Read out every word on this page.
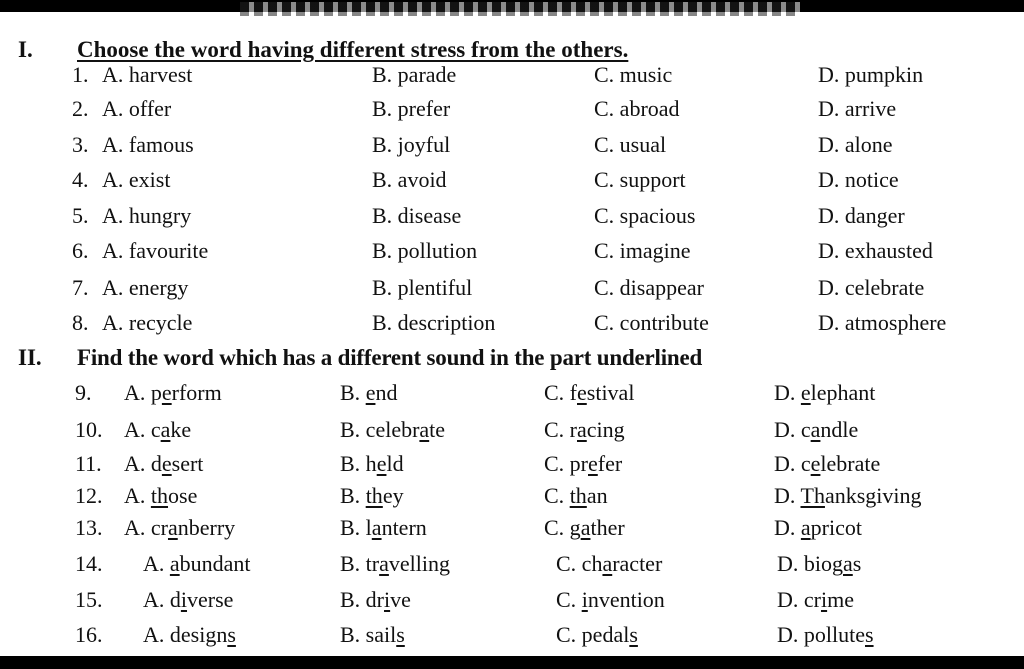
I. Choose the word having different stress from the others.
1. A. harvest	B. parade	C. music	D. pumpkin
2. A. offer	B. prefer	C. abroad	D. arrive
3. A. famous	B. joyful	C. usual	D. alone
4. A. exist	B. avoid	C. support	D. notice
5. A. hungry	B. disease	C. spacious	D. danger
6. A. favourite	B. pollution	C. imagine	D. exhausted
7. A. energy	B. plentiful	C. disappear	D. celebrate
8. A. recycle	B. description	C. contribute	D. atmosphere
II. Find the word which has a different sound in the part underlined
9. A. perform	B. end	C. festival	D. elephant
10. A. cake	B. celebrate	C. racing	D. candle
11. A. desert	B. held	C. prefer	D. celebrate
12. A. those	B. they	C. than	D. Thanksgiving
13. A. cranberry	B. lantern	C. gather	D. apricot
14. A. abundant	B. travelling	C. character	D. biogas
15. A. diverse	B. drive	C. invention	D. crime
16. A. designs	B. sails	C. pedals	D. pollutes
